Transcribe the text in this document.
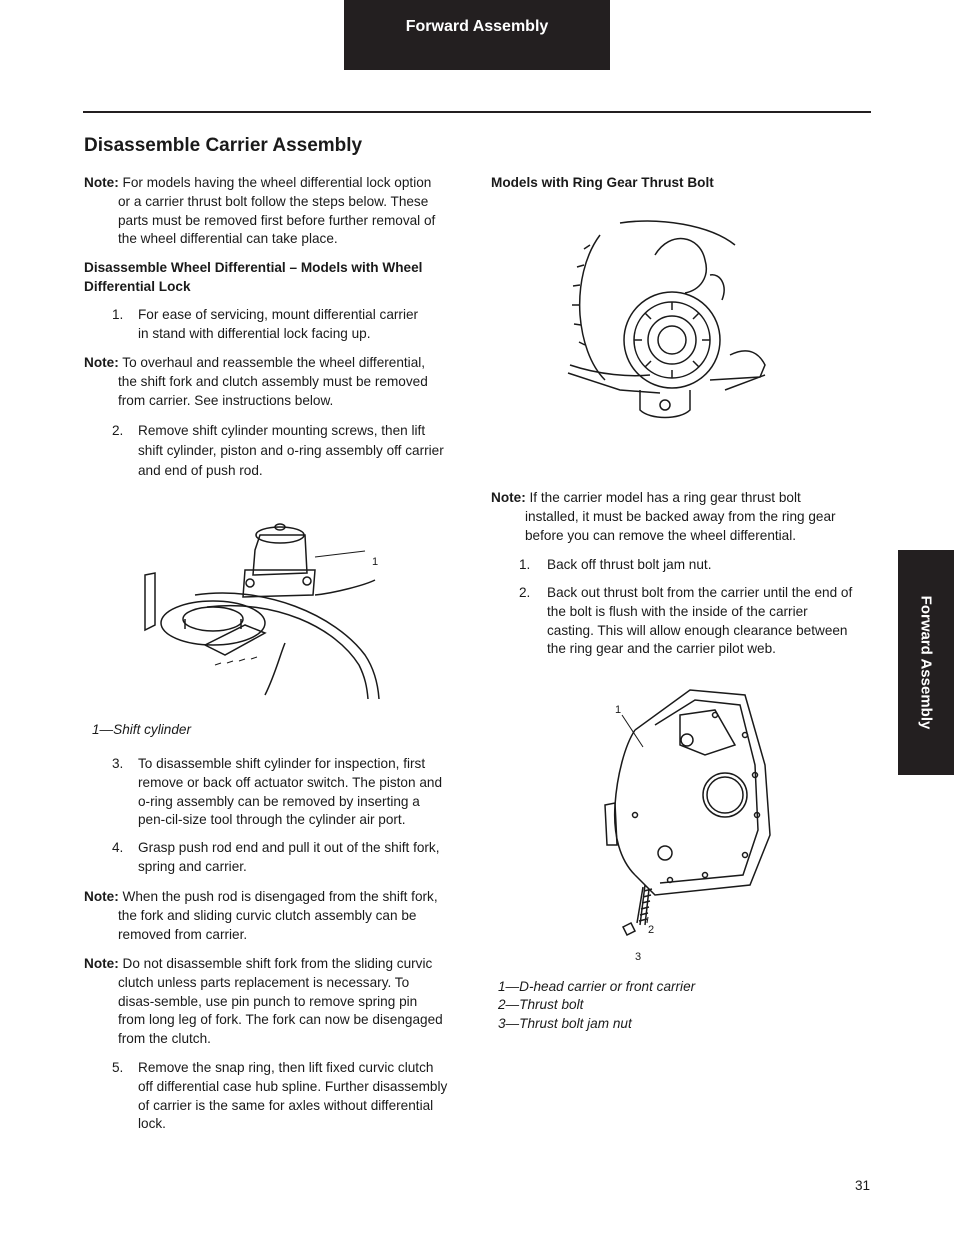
Forward Assembly
Forward Assembly
Disassemble Carrier Assembly
Note: For models having the wheel differential lock option or a carrier thrust bolt follow the steps below. These parts must be removed first before further removal of the wheel differential can take place.
Disassemble Wheel Differential – Models with Wheel Differential Lock
1.	For ease of servicing, mount differential carrier in stand with differential lock facing up.
Note: To overhaul and reassemble the wheel differential, the shift fork and clutch assembly must be removed from carrier. See instructions below.
2.	Remove shift cylinder mounting screws, then lift shift cylinder, piston and o-ring assembly off carrier and end of push rod.
1
1—Shift cylinder
3.	To disassemble shift cylinder for inspection, first remove or back off actuator switch. The piston and o-ring assembly can be removed by inserting a pen-cil-size tool through the cylinder air port.
4.	Grasp push rod end and pull it out of the shift fork, spring and carrier.
Note: When the push rod is disengaged from the shift fork, the fork and sliding curvic clutch assembly can be removed from carrier.
Note: Do not disassemble shift fork from the sliding curvic clutch unless parts replacement is necessary. To disas-semble, use pin punch to remove spring pin from long leg of fork. The fork can now be disengaged from the clutch.
5.	Remove the snap ring, then lift fixed curvic clutch off differential case hub spline. Further disassembly of carrier is the same for axles without differential lock.
Models with Ring Gear Thrust Bolt
Note: If the carrier model has a ring gear thrust bolt installed, it must be backed away from the ring gear before you can remove the wheel differential.
1.	Back off thrust bolt jam nut.
2.	Back out thrust bolt from the carrier until the end of the bolt is flush with the inside of the carrier casting. This will allow enough clearance between the ring gear and the carrier pilot web.
1
2
3
1—D-head carrier or front carrier
2—Thrust bolt
3—Thrust bolt jam nut
31
